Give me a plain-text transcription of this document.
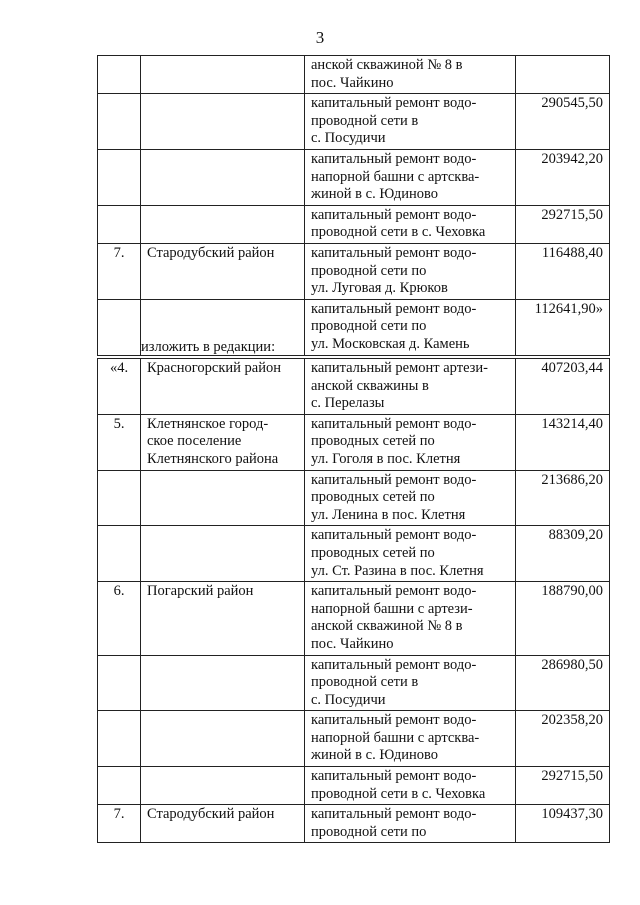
3

		анской скважиной № 8 в
пос. Чайкино	

		капитальный ремонт водо-
проводной сети в
с. Посудичи	290545,50

		капитальный ремонт водо-
напорной башни с артсква-
жиной в с. Юдиново	203942,20

		капитальный ремонт водо-
проводной сети в с. Чеховка	292715,50
7.	Стародубский район	капитальный ремонт водо-
проводной сети по
ул. Луговая д. Крюков	116488,40

		капитальный ремонт водо-
проводной сети по
ул. Московская д. Камень	112641,90»
изложить в редакции:
«4.	Красногорский район	капитальный ремонт артези-
анской скважины в
с. Перелазы	407203,44
5.	Клетнянское город-
ское поселение
Клетнянского района	капитальный ремонт водо-
проводных сетей по
ул. Гоголя в пос. Клетня	143214,40

		капитальный ремонт водо-
проводных сетей по
ул. Ленина в пос. Клетня	213686,20

		капитальный ремонт водо-
проводных сетей по
ул. Ст. Разина в пос. Клетня	88309,20
6.	Погарский район	капитальный ремонт водо-
напорной башни с артези-
анской скважиной № 8 в
пос. Чайкино	188790,00

		капитальный ремонт водо-
проводной сети в
с. Посудичи	286980,50

		капитальный ремонт водо-
напорной башни с артсква-
жиной в с. Юдиново	202358,20

		капитальный ремонт водо-
проводной сети в с. Чеховка	292715,50
7.	Стародубский район	капитальный ремонт водо-
проводной сети по	109437,30
